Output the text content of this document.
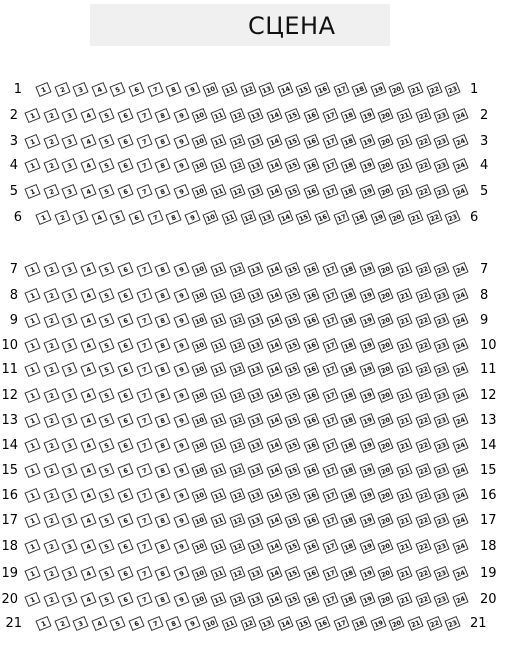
СЦЕНА
1	1	2	3	4	5	6	7	8	9	10	11	12	13	14	15	16	17	18	19	20	21	22	23 1
2	1	2	3	4	5	6	7	8	9	10	11	12	13	14	15	16	17	18	19	20	21	22	23	24 2
3	1	2	3	4	5	6	7	8	9	10	11	12	13	14	15	16	17	18	19	20	21	22	23	24 3
4	1	2	3	4	5	6	7	8	9	10	11	12	13	14	15	16	17	18	19	20	21	22	23	24 4
5	1	2	3	4	5	6	7	8	9	10	11	12	13	14	15	16	17	18	19	20	21	22	23	24 5
6	1	2	3	4	5	6	7	8	9	10	11	12	13	14	15	16	17	18	19	20	21	22	23 6
7	1	2	3	4	5	6	7	8	9	10	11	12	13	14	15	16	17	18	19	20	21	22	23	24 7
8	1	2	3	4	5	6	7	8	9	10	11	12	13	14	15	16	17	18	19	20	21	22	23	24 8
9	1	2	3	4	5	6	7	8	9	10	11	12	13	14	15	16	17	18	19	20	21	22	23	24 9
10	1	2	3	4	5	6	7	8	9	10	11	12	13	14	15	16	17	18	19	20	21	22	23	24 10
11	1	2	3	4	5	6	7	8	9	10	11	12	13	14	15	16	17	18	19	20	21	22	23	24 11
12	1	2	3	4	5	6	7	8	9	10	11	12	13	14	15	16	17	18	19	20	21	22	23	24 12
13	1	2	3	4	5	6	7	8	9	10	11	12	13	14	15	16	17	18	19	20	21	22	23	24 13
14	1	2	3	4	5	6	7	8	9	10	11	12	13	14	15	16	17	18	19	20	21	22	23	24 14
15	1	2	3	4	5	6	7	8	9	10	11	12	13	14	15	16	17	18	19	20	21	22	23	24 15
16	1	2	3	4	5	6	7	8	9	10	11	12	13	14	15	16	17	18	19	20	21	22	23	24 16
17	1	2	3	4	5	6	7	8	9	10	11	12	13	14	15	16	17	18	19	20	21	22	23	24 17
18	1	2	3	4	5	6	7	8	9	10	11	12	13	14	15	16	17	18	19	20	21	22	23	24 18
19	1	2	3	4	5	6	7	8	9	10	11	12	13	14	15	16	17	18	19	20	21	22	23	24 19
20	1	2	3	4	5	6	7	8	9	10	11	12	13	14	15	16	17	18	19	20	21	22	23	24 20
21	1	2	3	4	5	6	7	8	9	10	11	12	13	14	15	16	17	18	19	20	21	22	23 21
